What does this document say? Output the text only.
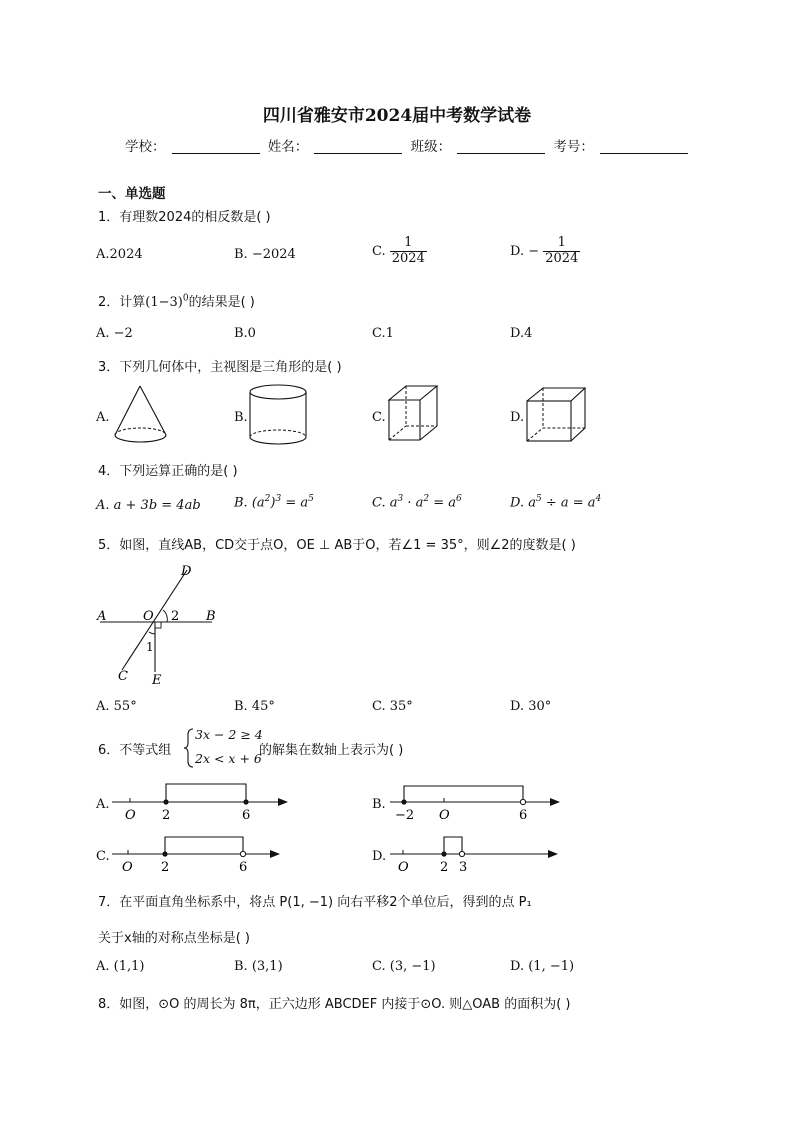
四川省雅安市2024届中考数学试卷
学校：	姓名：	班级：	考号：
一、单选题
1．有理数2024的相反数是( )
A.2024	B. −2024	C. $\frac{1}{2024}$	D. − $\frac{1}{2024}$
2．计算$(1-3)^0$的结果是( )
A. −2	B.0	C.1	D.4
3．下列几何体中，主视图是三角形的是( )
A.	B.	C.	D.
4．下列运算正确的是( )
A. a + 3b = 4ab	B. $(a^2)^3 = a^5$	C. $a^3 \cdot a^2 = a^6$	D. $a^5 \div a = a^4$
5．如图，直线AB，CD交于点O，OE ⊥ AB于O，若∠1 = 35°，则∠2的度数是( )
A	B
C
D
O
E
1
2
A. 55°	B. 45°	C. 35°	D. 30°
6．不等式组
3x − 2 ≥ 4
2x < x + 6
的解集在数轴上表示为( )
A.
O 2	6
B.
−2 O	6
C.
O 2	6
D.
O 2 3
7．在平面直角坐标系中，将点 P(1, −1) 向右平移2个单位后，得到的点 P₁
关于x轴的对称点坐标是( )
A. (1,1)	B. (3,1)	C. (3, −1)	D. (1, −1)
8．如图，⊙O 的周长为 8π，正六边形 ABCDEF 内接于⊙O. 则△OAB 的面积为( )
